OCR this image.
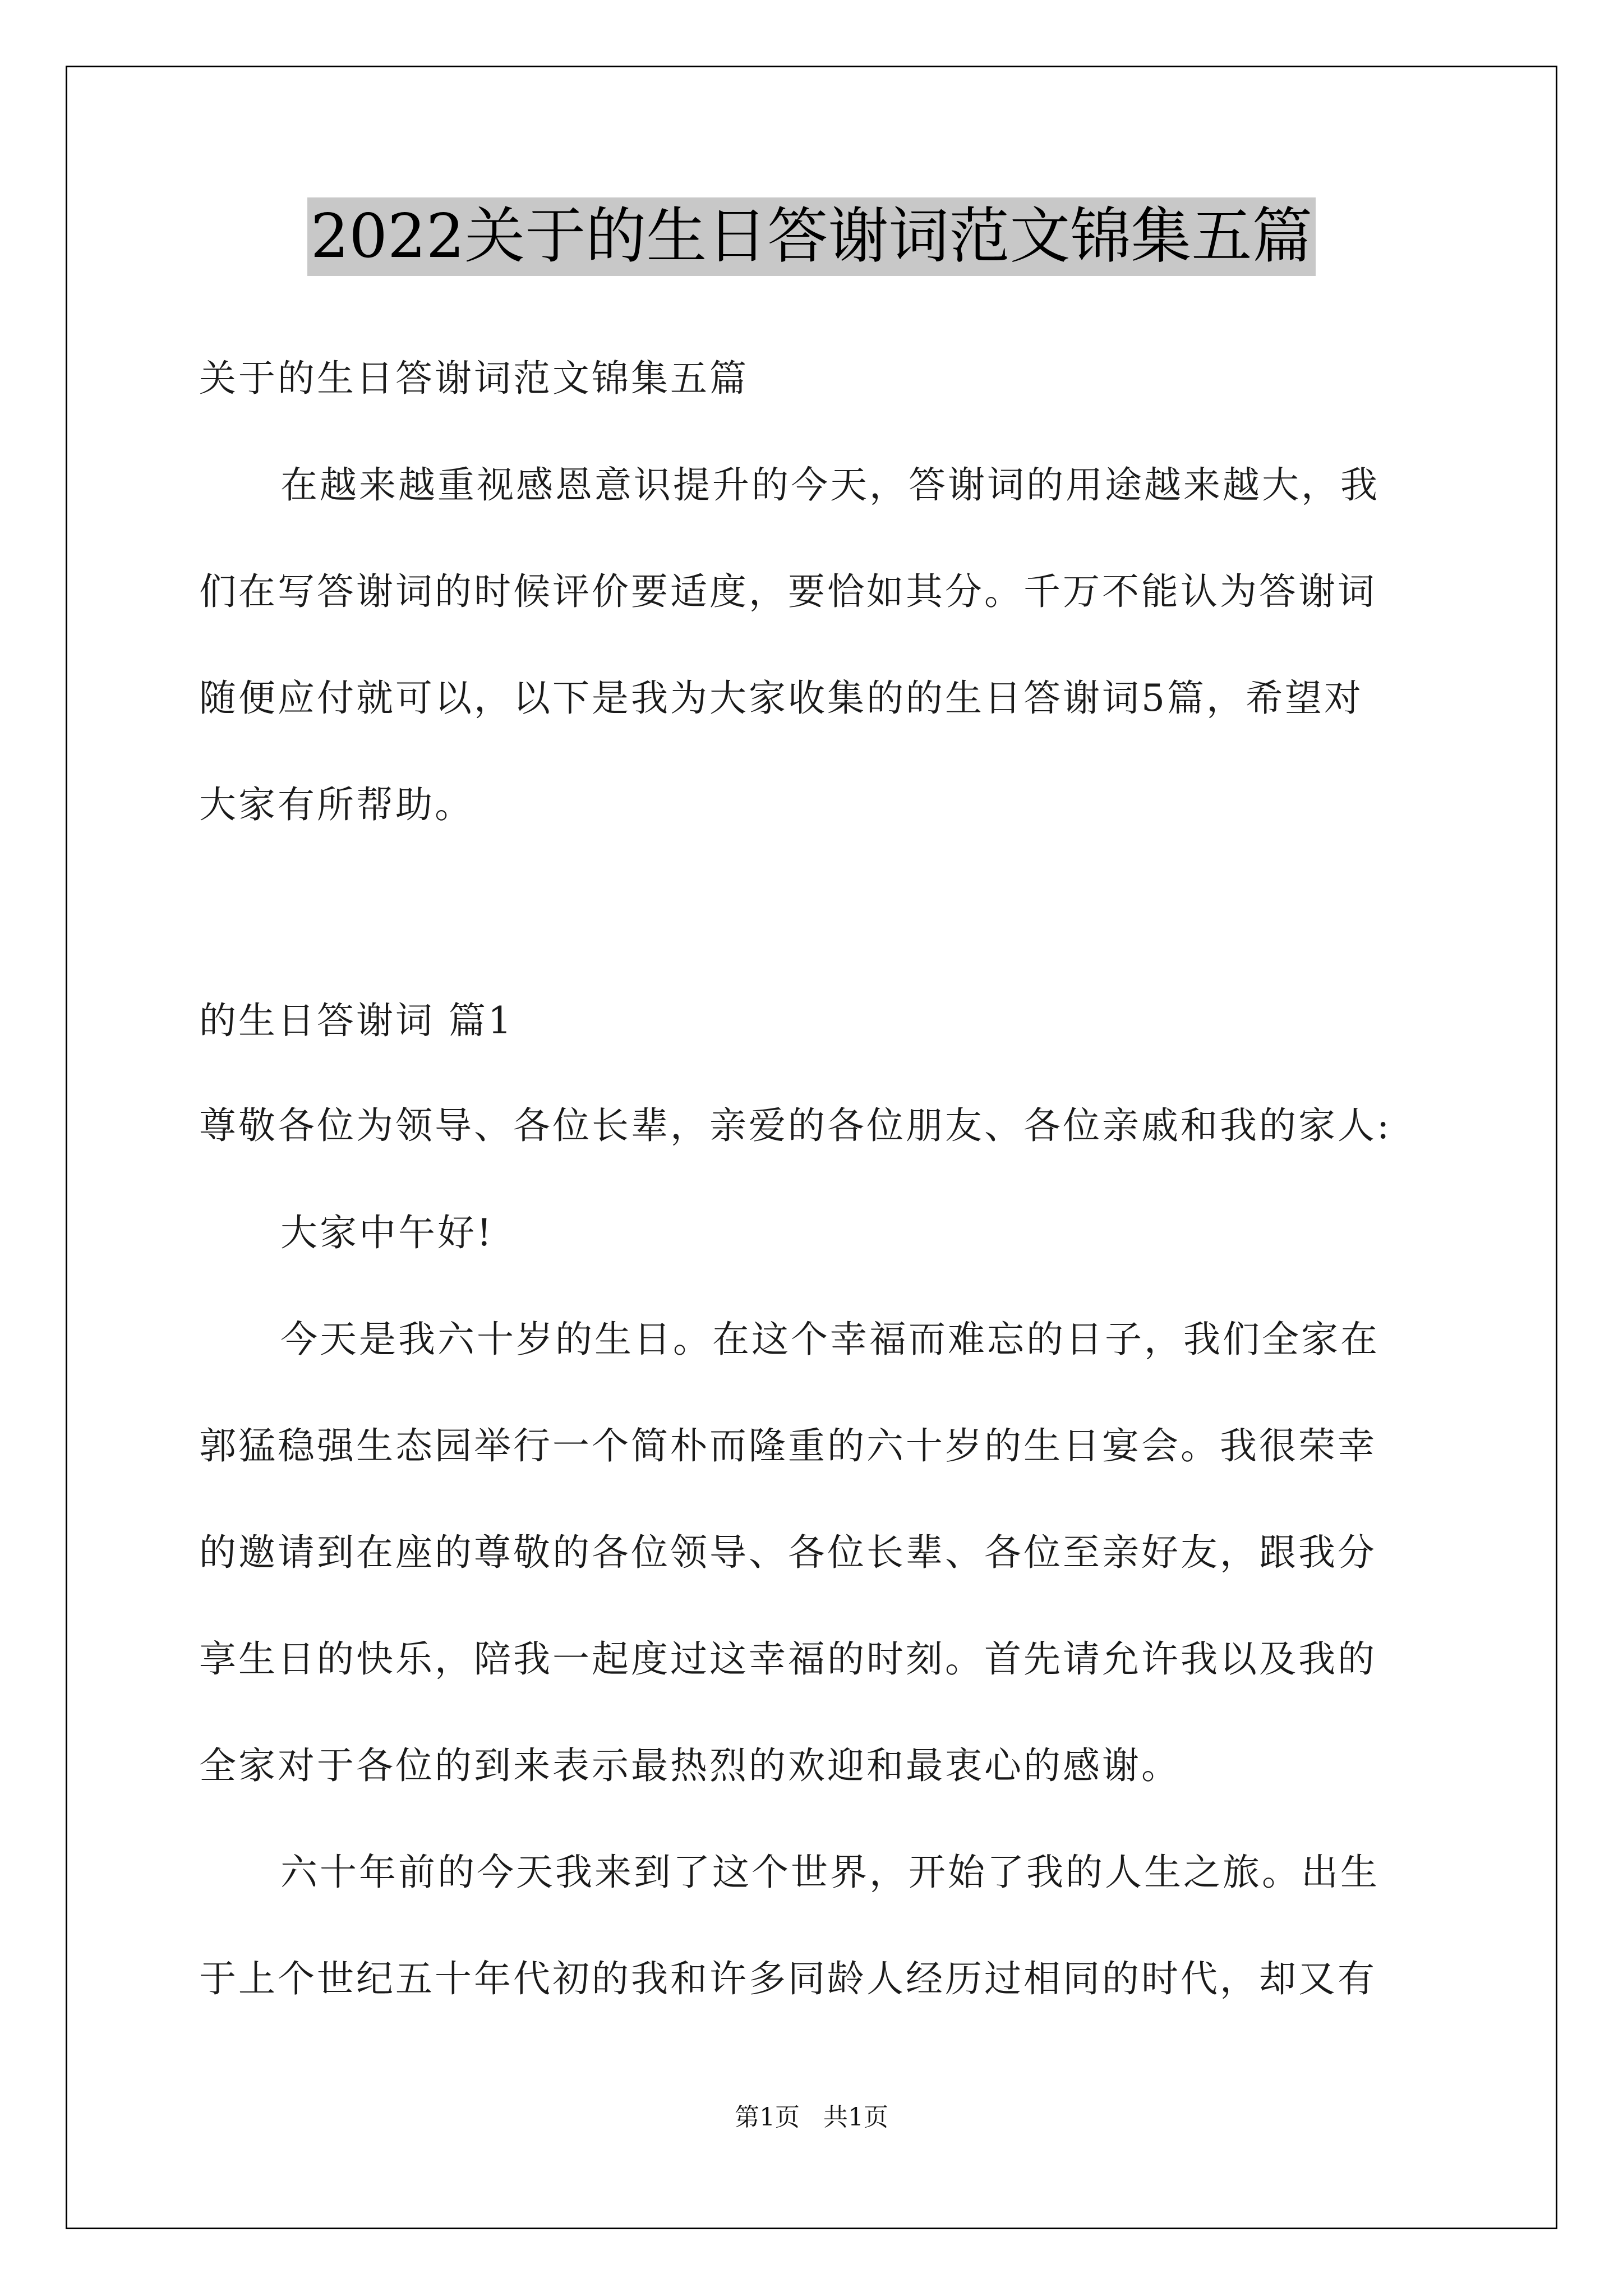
2022关于的生日答谢词范文锦集五篇
关于的生日答谢词范文锦集五篇
在越来越重视感恩意识提升的今天，答谢词的用途越来越大，我
们在写答谢词的时候评价要适度，要恰如其分。千万不能认为答谢词
随便应付就可以，以下是我为大家收集的的生日答谢词5篇，希望对
大家有所帮助。
的生日答谢词 篇1
尊敬各位为领导、各位长辈，亲爱的各位朋友、各位亲戚和我的家人:
大家中午好!
今天是我六十岁的生日。在这个幸福而难忘的日子，我们全家在
郭猛稳强生态园举行一个简朴而隆重的六十岁的生日宴会。我很荣幸
的邀请到在座的尊敬的各位领导、各位长辈、各位至亲好友，跟我分
享生日的快乐，陪我一起度过这幸福的时刻。首先请允许我以及我的
全家对于各位的到来表示最热烈的欢迎和最衷心的感谢。
六十年前的今天我来到了这个世界，开始了我的人生之旅。出生
于上个世纪五十年代初的我和许多同龄人经历过相同的时代，却又有
第1页 共1页
